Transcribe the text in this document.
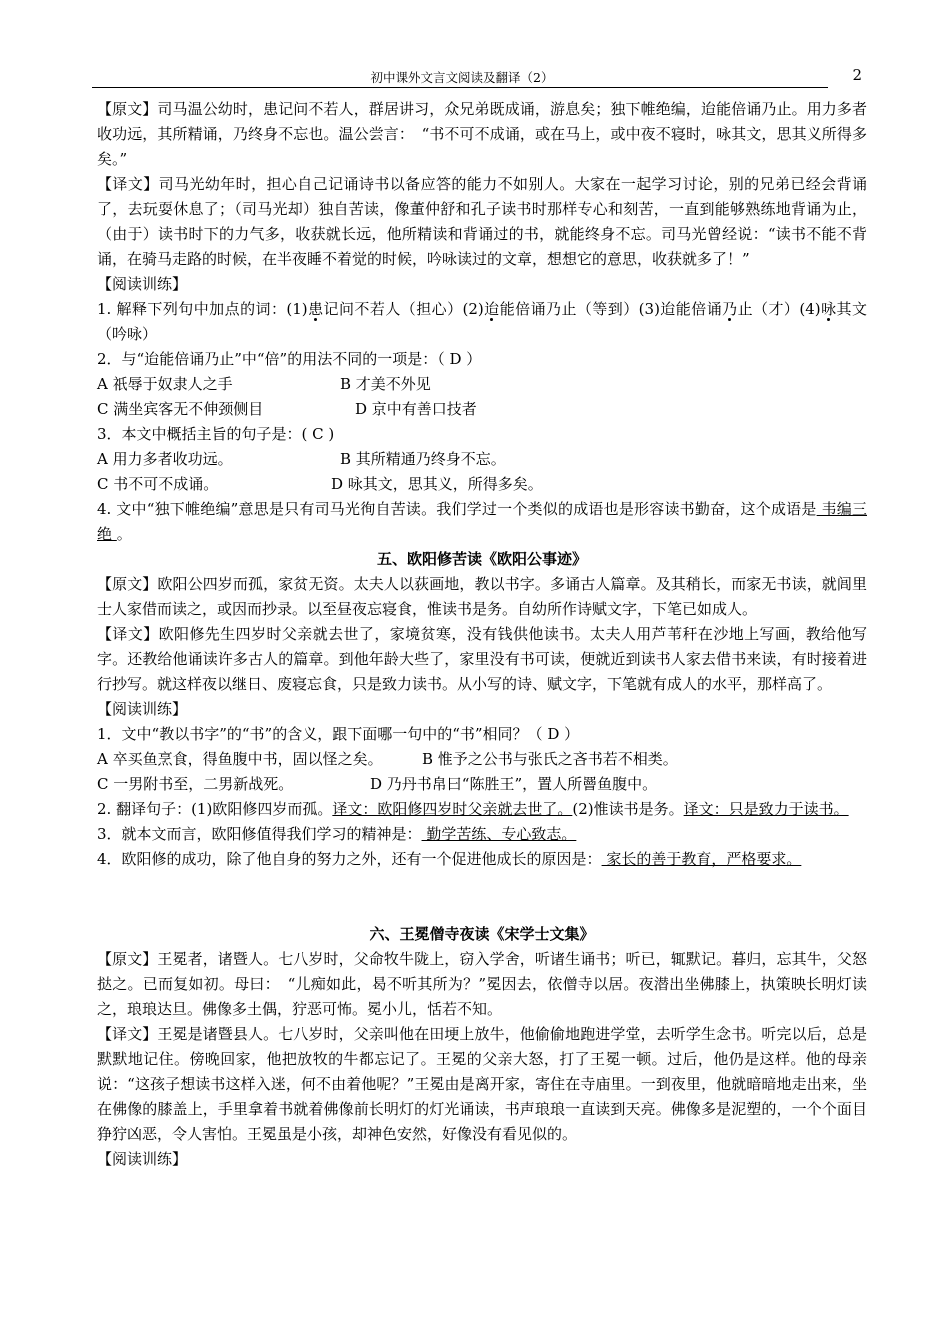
初中课外文言文阅读及翻译（2）	2

【原文】司马温公幼时，患记问不若人，群居讲习，众兄弟既成诵，游息矣；独下帷绝编，迨能倍诵乃止。用力多者收功远，其所精诵，乃终身不忘也。温公尝言：　“书不可不成诵，或在马上，或中夜不寝时，咏其文，思其义所得多矣。”

【译文】司马光幼年时，担心自己记诵诗书以备应答的能力不如别人。大家在一起学习讨论，别的兄弟已经会背诵了，去玩耍休息了；（司马光却）独自苦读，像董仲舒和孔子读书时那样专心和刻苦，一直到能够熟练地背诵为止，（由于）读书时下的力气多，收获就长远，他所精读和背诵过的书，就能终身不忘。司马光曾经说：“读书不能不背诵，在骑马走路的时候，在半夜睡不着觉的时候，吟咏读过的文章，想想它的意思，收获就多了！”

【阅读训练】

1. 解释下列句中加点的词：(1)患记问不若人（担心）(2)迨能倍诵乃止（等到）(3)迨能倍诵乃止（才）(4)咏其文（吟咏）

2．与“迨能倍诵乃止”中“倍”的用法不同的一项是：（ D ）

A 祇辱于奴隶人之手	B 才美不外见

C 满坐宾客无不伸颈侧目	D 京中有善口技者

3．本文中概括主旨的句子是：( C )

A 用力多者收功远。	B 其所精通乃终身不忘。

C 书不可不成诵。	D 咏其文，思其义，所得多矣。

4. 文中“独下帷绝编”意思是只有司马光徇自苦读。我们学过一个类似的成语也是形容读书勤奋，这个成语是 韦编三绝 。

五、欧阳修苦读《欧阳公事迹》

【原文】欧阳公四岁而孤，家贫无资。太夫人以荻画地，教以书字。多诵古人篇章。及其稍长，而家无书读，就闾里士人家借而读之，或因而抄录。以至昼夜忘寝食，惟读书是务。自幼所作诗赋文字，下笔已如成人。

【译文】欧阳修先生四岁时父亲就去世了，家境贫寒，没有钱供他读书。太夫人用芦苇秆在沙地上写画，教给他写字。还教给他诵读许多古人的篇章。到他年龄大些了，家里没有书可读，便就近到读书人家去借书来读，有时接着进行抄写。就这样夜以继日、废寝忘食，只是致力读书。从小写的诗、赋文字，下笔就有成人的水平，那样高了。

【阅读训练】

1．文中“教以书字”的“书”的含义，跟下面哪一句中的“书”相同？（ D ）

A 卒买鱼烹食，得鱼腹中书，固以怪之矣。	B 惟予之公书与张氏之吝书若不相类。

C 一男附书至，二男新战死。	D 乃丹书帛曰“陈胜王”，置人所罾鱼腹中。

2. 翻译句子：(1)欧阳修四岁而孤。译文：欧阳修四岁时父亲就去世了。(2)惟读书是务。译文：只是致力于读书。

3．就本文而言，欧阳修值得我们学习的精神是： 勤学苦练、专心致志。

4．欧阳修的成功，除了他自身的努力之外，还有一个促进他成长的原因是： 家长的善于教育，严格要求。

六、王冕僧寺夜读《宋学士文集》

【原文】王冕者，诸暨人。七八岁时，父命牧牛陇上，窃入学舍，听诸生诵书；听已，辄默记。暮归，忘其牛，父怒挞之。已而复如初。母曰：　“儿痴如此，曷不听其所为？”冕因去，依僧寺以居。夜潜出坐佛膝上，执策映长明灯读之，琅琅达旦。佛像多土偶，狞恶可怖。冕小儿，恬若不知。

【译文】王冕是诸暨县人。七八岁时，父亲叫他在田埂上放牛，他偷偷地跑进学堂，去听学生念书。听完以后，总是默默地记住。傍晚回家，他把放牧的牛都忘记了。王冕的父亲大怒，打了王冕一顿。过后，他仍是这样。他的母亲说：“这孩子想读书这样入迷，何不由着他呢？”王冕由是离开家，寄住在寺庙里。一到夜里，他就暗暗地走出来，坐在佛像的膝盖上，手里拿着书就着佛像前长明灯的灯光诵读，书声琅琅一直读到天亮。佛像多是泥塑的，一个个面目狰狞凶恶，令人害怕。王冕虽是小孩，却神色安然，好像没有看见似的。

【阅读训练】
